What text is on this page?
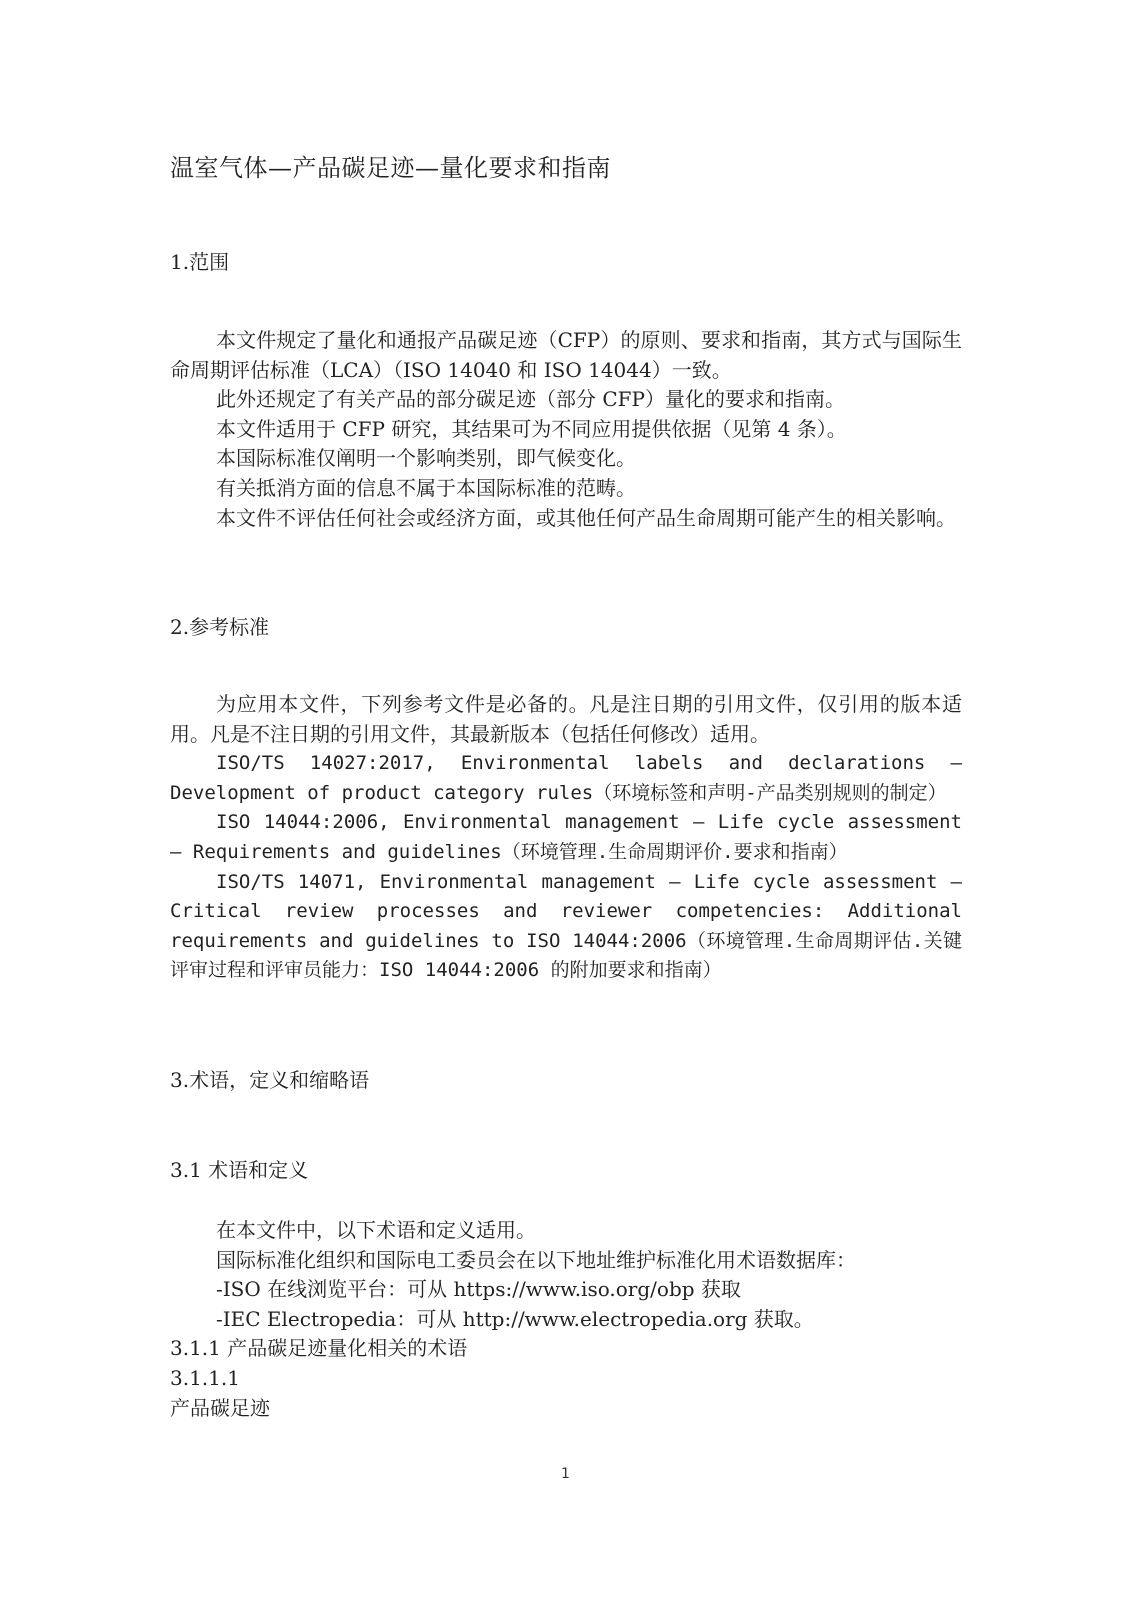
温室气体—产品碳足迹—量化要求和指南
1.范围

本文件规定了量化和通报产品碳足迹（CFP）的原则、要求和指南，其方式与国际生命周期评估标准（LCA）（ISO 14040 和 ISO 14044）一致。

此外还规定了有关产品的部分碳足迹（部分 CFP）量化的要求和指南。

本文件适用于 CFP 研究，其结果可为不同应用提供依据（见第 4 条）。

本国际标准仅阐明一个影响类别，即气候变化。

有关抵消方面的信息不属于本国际标准的范畴。

本文件不评估任何社会或经济方面，或其他任何产品生命周期可能产生的相关影响。

2.参考标准

为应用本文件，下列参考文件是必备的。凡是注日期的引用文件，仅引用的版本适用。凡是不注日期的引用文件，其最新版本（包括任何修改）适用。

ISO/TS 14027:2017, Environmental labels and declarations — Development of product category rules（环境标签和声明-产品类别规则的制定）

ISO 14044:2006, Environmental management — Life cycle assessment — Requirements and guidelines（环境管理.生命周期评价.要求和指南）

ISO/TS 14071, Environmental management — Life cycle assessment — Critical review processes and reviewer competencies: Additional requirements and guidelines to ISO 14044:2006（环境管理.生命周期评估.关键评审过程和评审员能力：ISO 14044:2006 的附加要求和指南）

3.术语，定义和缩略语
3.1 术语和定义

在本文件中，以下术语和定义适用。

国际标准化组织和国际电工委员会在以下地址维护标准化用术语数据库：

-ISO 在线浏览平台：可从 https://www.iso.org/obp 获取

-IEC Electropedia：可从 http://www.electropedia.org 获取。

3.1.1 产品碳足迹量化相关的术语

3.1.1.1

产品碳足迹

1
